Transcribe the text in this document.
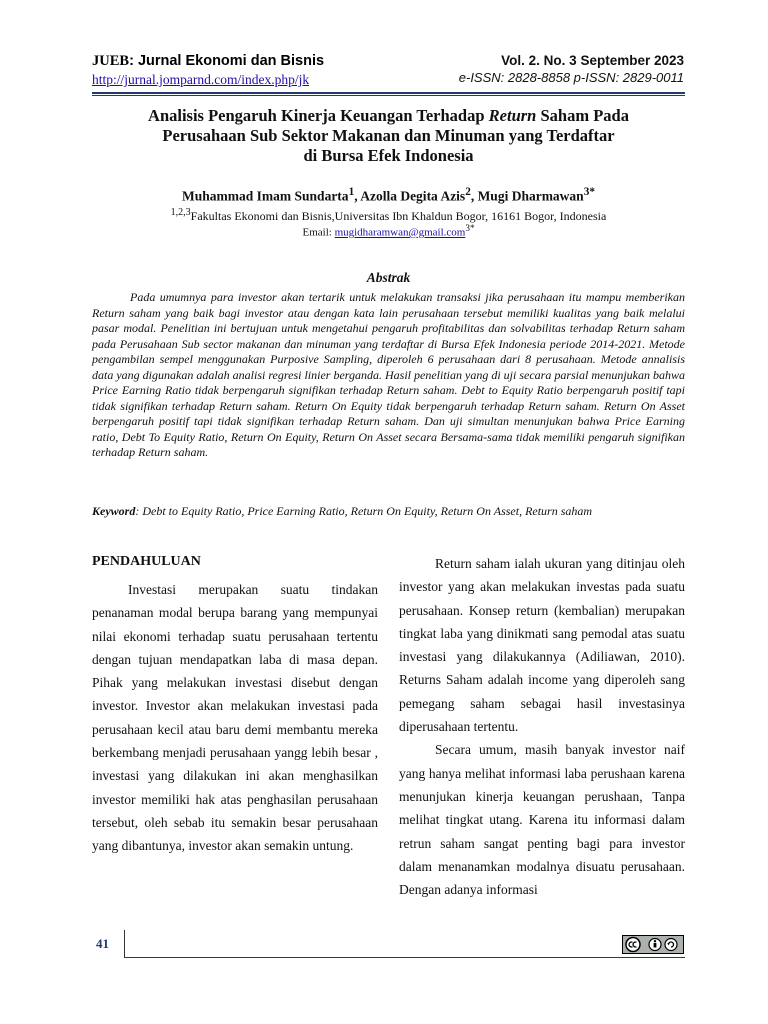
JUEB: Jurnal Ekonomi dan Bisnis
http://jurnal.jomparnd.com/index.php/jk
Vol. 2. No. 3 September 2023
e-ISSN: 2828-8858 p-ISSN: 2829-0011
Analisis Pengaruh Kinerja Keuangan Terhadap Return Saham Pada
Perusahaan Sub Sektor Makanan dan Minuman yang Terdaftar
di Bursa Efek Indonesia
Muhammad Imam Sundarta$^1$, Azolla Degita Azis$^2$, Mugi Dharmawan$^{3*}$
$^{1,2,3}$Fakultas Ekonomi dan Bisnis,Universitas Ibn Khaldun Bogor, 16161 Bogor, Indonesia
Email: mugidharamwan@gmail.com$^{3*}$
Abstrak

Pada umumnya para investor akan tertarik untuk melakukan transaksi jika perusahaan itu mampu memberikan Return saham yang baik bagi investor atau dengan kata lain perusahaan tersebut memiliki kualitas yang baik melalui pasar modal. Penelitian ini bertujuan untuk mengetahui pengaruh profitabilitas dan solvabilitas terhadap Return saham pada Perusahaan Sub sector makanan dan minuman yang terdaftar di Bursa Efek Indonesia periode 2014-2021. Metode pengambilan sempel menggunakan Purposive Sampling, diperoleh 6 perusahaan dari 8 perusahaan. Metode annalisis data yang digunakan adalah analisi regresi linier berganda. Hasil penelitian yang di uji secara parsial menunjukan bahwa Price Earning Ratio tidak berpengaruh signifikan terhadap Return saham. Debt to Equity Ratio berpengaruh positif tapi tidak signifikan terhadap Return saham. Return On Equity tidak berpengaruh terhadap Return saham. Return On Asset berpengaruh positif tapi tidak signifikan terhadap Return saham. Dan uji simultan menunjukan bahwa Price Earning ratio, Debt To Equity Ratio, Return On Equity, Return On Asset secara Bersama-sama tidak memiliki pengaruh signifikan terhadap Return saham.

Keyword: Debt to Equity Ratio, Price Earning Ratio, Return On Equity, Return On Asset, Return saham
PENDAHULUAN

Investasi merupakan suatu tindakan penanaman modal berupa barang yang mempunyai nilai ekonomi terhadap suatu perusahaan tertentu dengan tujuan mendapatkan laba di masa depan. Pihak yang melakukan investasi disebut dengan investor. Investor akan melakukan investasi pada perusahaan kecil atau baru demi membantu mereka berkembang menjadi perusahaan yangg lebih besar , investasi yang dilakukan ini akan menghasilkan investor memiliki hak atas penghasilan perusahaan tersebut, oleh sebab itu semakin besar perusahaan yang dibantunya, investor akan semakin untung.

Return saham ialah ukuran yang ditinjau oleh investor yang akan melakukan investas pada suatu perusahaan. Konsep return (kembalian) merupakan tingkat laba yang dinikmati sang pemodal atas suatu investasi yang dilakukannya (Adiliawan, 2010). Returns Saham adalah income yang diperoleh sang pemegang saham sebagai hasil investasinya diperusahaan tertentu.

Secara umum, masih banyak investor naif yang hanya melihat informasi laba perushaan karena menunjukan kinerja keuangan perushaan, Tanpa melihat tingkat utang. Karena itu informasi dalam retrun saham sangat penting bagi para investor dalam menanamkan modalnya disuatu perusahaan. Dengan adanya informasi

41
